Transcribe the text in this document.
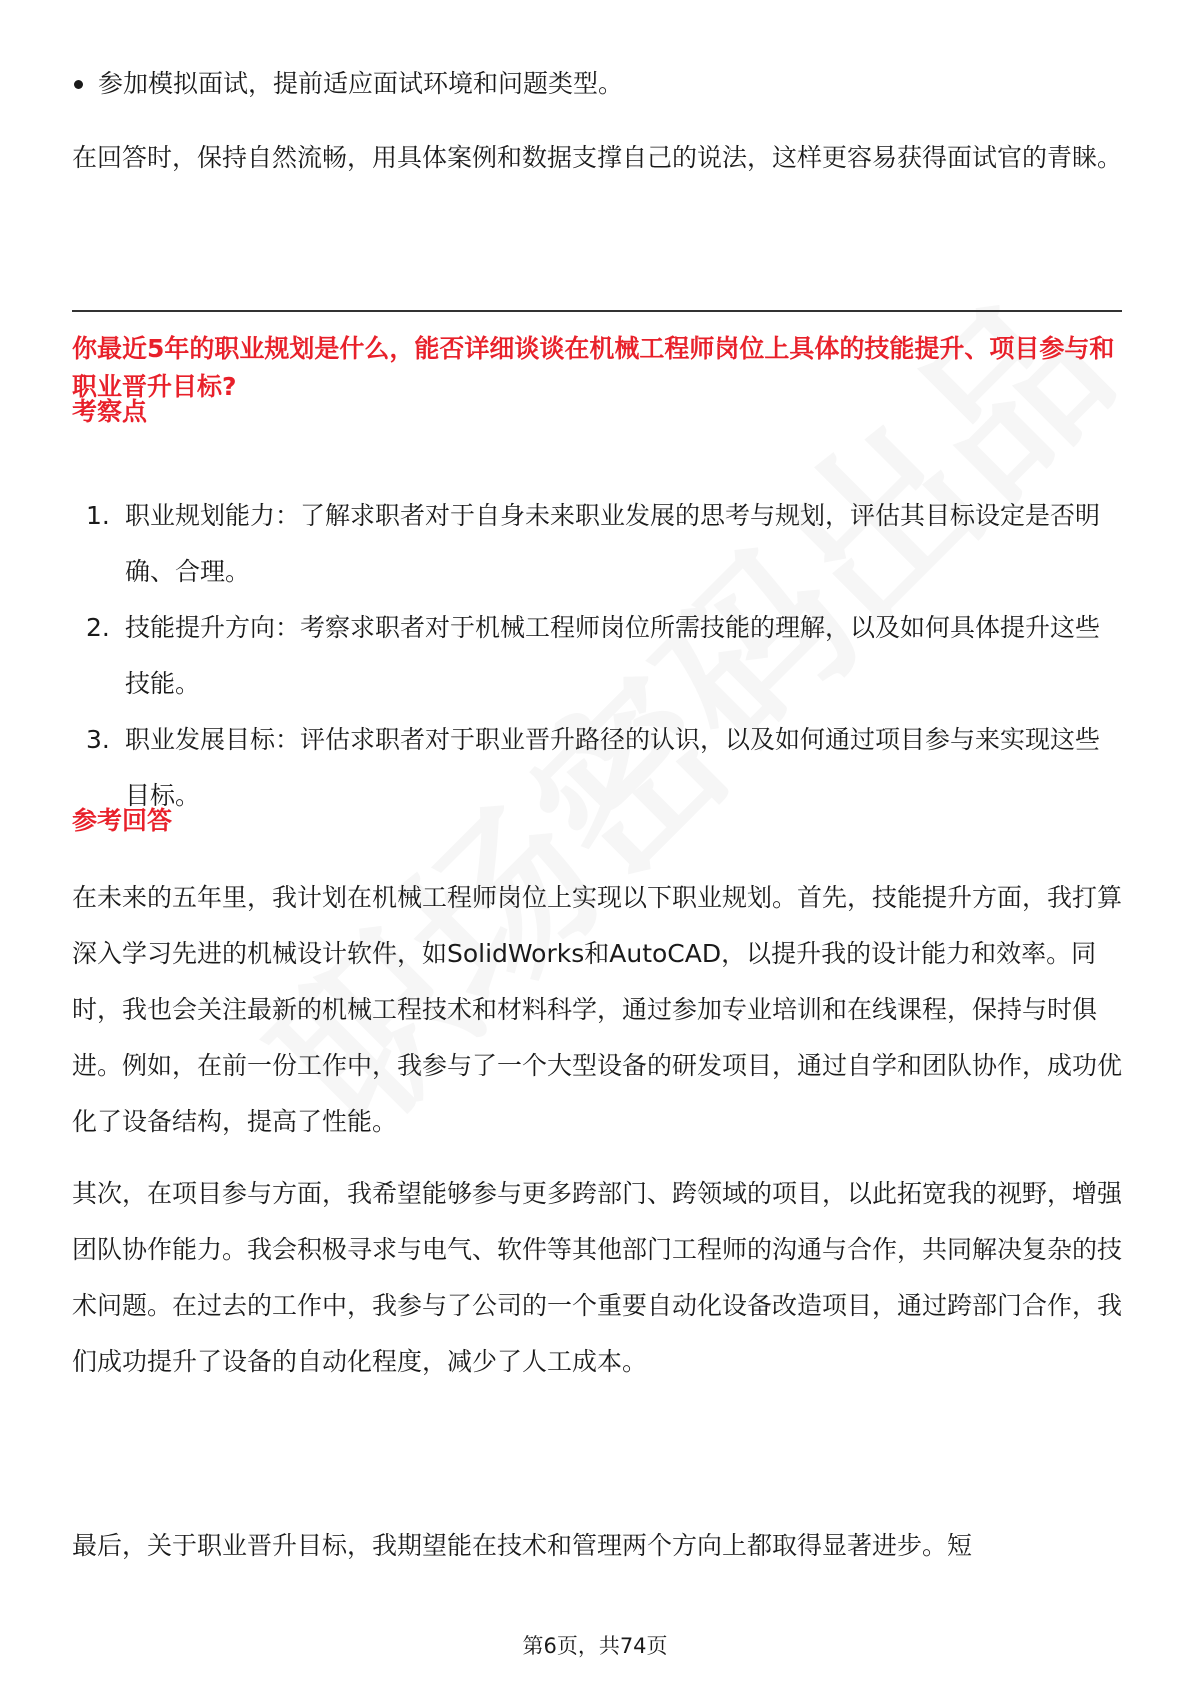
参加模拟面试，提前适应面试环境和问题类型。
在回答时，保持自然流畅，用具体案例和数据支撑自己的说法，这样更容易获得面试官的青睐。
你最近5年的职业规划是什么，能否详细谈谈在机械工程师岗位上具体的技能提升、项目参与和职业晋升目标?
考察点
1. 职业规划能力：了解求职者对于自身未来职业发展的思考与规划，评估其目标设定是否明确、合理。
2. 技能提升方向：考察求职者对于机械工程师岗位所需技能的理解，以及如何具体提升这些技能。
3. 职业发展目标：评估求职者对于职业晋升路径的认识，以及如何通过项目参与来实现这些目标。
参考回答
在未来的五年里，我计划在机械工程师岗位上实现以下职业规划。首先，技能提升方面，我打算深入学习先进的机械设计软件，如SolidWorks和AutoCAD，以提升我的设计能力和效率。同时，我也会关注最新的机械工程技术和材料科学，通过参加专业培训和在线课程，保持与时俱进。例如，在前一份工作中，我参与了一个大型设备的研发项目，通过自学和团队协作，成功优化了设备结构，提高了性能。
其次，在项目参与方面，我希望能够参与更多跨部门、跨领域的项目，以此拓宽我的视野，增强团队协作能力。我会积极寻求与电气、软件等其他部门工程师的沟通与合作，共同解决复杂的技术问题。在过去的工作中，我参与了公司的一个重要自动化设备改造项目，通过跨部门合作，我们成功提升了设备的自动化程度，减少了人工成本。
最后，关于职业晋升目标，我期望能在技术和管理两个方向上都取得显著进步。短
第6页，共74页
